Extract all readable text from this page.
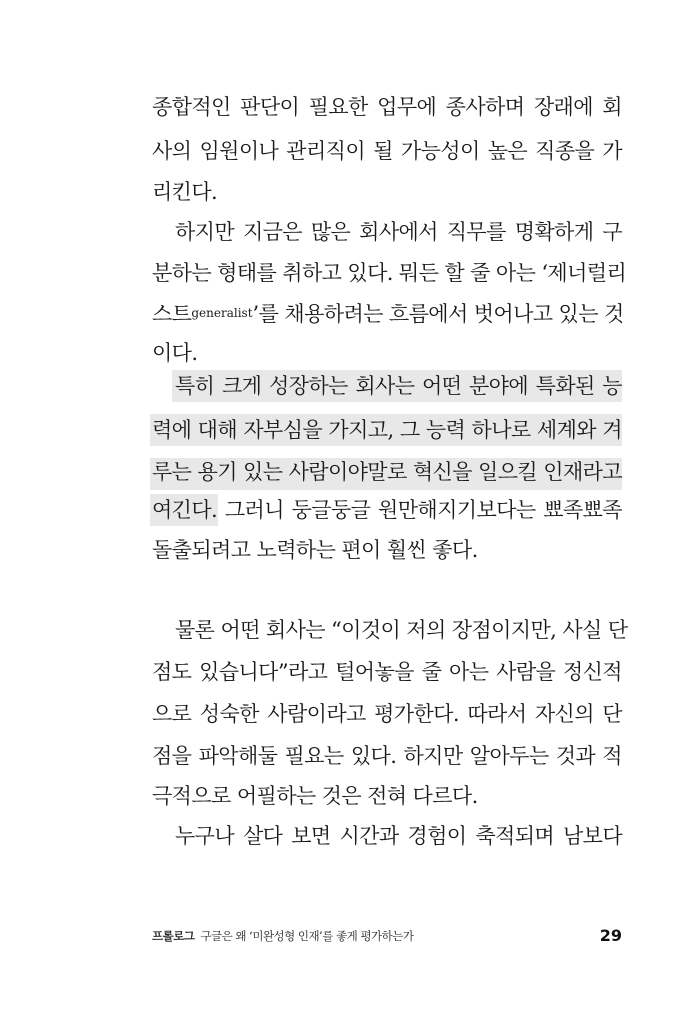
종합적인 판단이 필요한 업무에 종사하며 장래에 회
사의 임원이나 관리직이 될 가능성이 높은 직종을 가
리킨다.
하지만 지금은 많은 회사에서 직무를 명확하게 구
분하는 형태를 취하고 있다. 뭐든 할 줄 아는 ‘제너럴리
스트$^{generalist}$’를 채용하려는 흐름에서 벗어나고 있는 것
이다.
특히 크게 성장하는 회사는 어떤 분야에 특화된 능
력에 대해 자부심을 가지고, 그 능력 하나로 세계와 겨
루는 용기 있는 사람이야말로 혁신을 일으킬 인재라고
여긴다. 그러니 둥글둥글 원만해지기보다는 뾰족뾰족
돌출되려고 노력하는 편이 훨씬 좋다.
물론 어떤 회사는 “이것이 저의 장점이지만, 사실 단
점도 있습니다”라고 털어놓을 줄 아는 사람을 정신적
으로 성숙한 사람이라고 평가한다. 따라서 자신의 단
점을 파악해둘 필요는 있다. 하지만 알아두는 것과 적
극적으로 어필하는 것은 전혀 다르다.
누구나 살다 보면 시간과 경험이 축적되며 남보다
프롤로그 구글은 왜 ‘미완성형 인재’를 좋게 평가하는가	29
